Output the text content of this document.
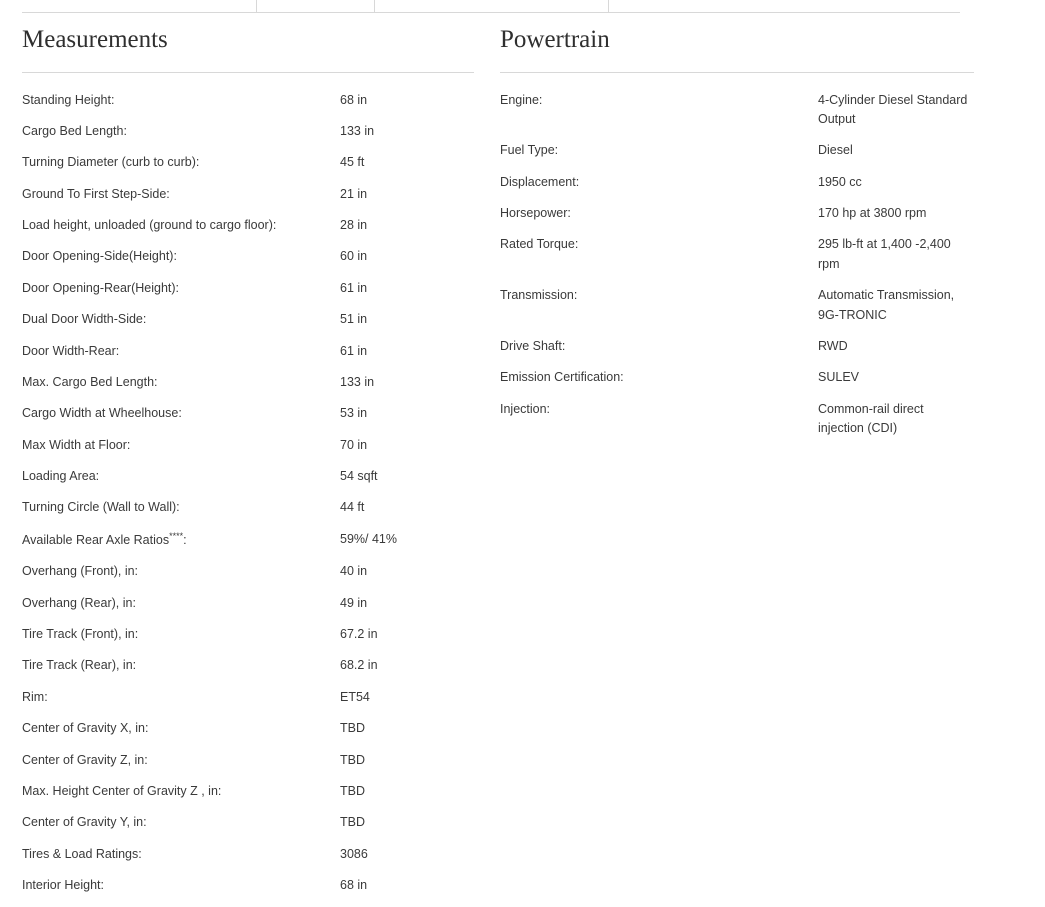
Measurements
Standing Height:	68 in
Cargo Bed Length:	133 in
Turning Diameter (curb to curb):	45 ft
Ground To First Step-Side:	21 in
Load height, unloaded (ground to cargo floor):	28 in
Door Opening-Side(Height):	60 in
Door Opening-Rear(Height):	61 in
Dual Door Width-Side:	51 in
Door Width-Rear:	61 in
Max. Cargo Bed Length:	133 in
Cargo Width at Wheelhouse:	53 in
Max Width at Floor:	70 in
Loading Area:	54 sqft
Turning Circle (Wall to Wall):	44 ft
Available Rear Axle Ratios****:	59%/ 41%
Overhang (Front), in:	40 in
Overhang (Rear), in:	49 in
Tire Track (Front), in:	67.2 in
Tire Track (Rear), in:	68.2 in
Rim:	ET54
Center of Gravity X, in:	TBD
Center of Gravity Z, in:	TBD
Max. Height Center of Gravity Z , in:	TBD
Center of Gravity Y, in:	TBD
Tires & Load Ratings:	3086
Interior Height:	68 in
Powertrain
Engine:	4-Cylinder Diesel Standard Output
Fuel Type:	Diesel
Displacement:	1950 cc
Horsepower:	170 hp at 3800 rpm
Rated Torque:	295 lb-ft at 1,400 -2,400 rpm
Transmission:	Automatic Transmission, 9G-TRONIC
Drive Shaft:	RWD
Emission Certification:	SULEV
Injection:	Common-rail direct injection (CDI)
